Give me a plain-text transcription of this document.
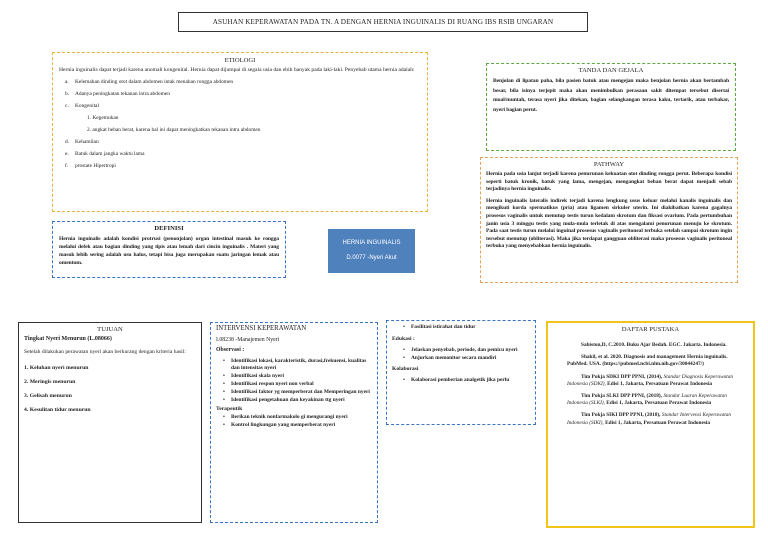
ASUHAN KEPERAWATAN PADA TN. A DENGAN HERNIA INGUINALIS DI RUANG IBS RSIB UNGARAN
ETIOLOGI
Hernia inguinalis dapat terjadi karena anomali kongenital. Hernia dapat dijumpai di segala usia dan ebih banyak pada laki-laki. Penyebab utama hernia adalah:
a.	Kelemahan dinding otot dalam abdomen intak menahan rongga abdomen
b.	Adanya peningkatan tekanan intra abdomen
c.	Kongenital
1. Kegemukan
2. angkat beban berat, karena hal ini dapat meningkatkan tekanan intra abdomen
d.	Kehamilan
e.	Batuk dalam jangka waktu lama
f.	prostate Hipertropi
DEFINISI
Hernia inguinalis adalah kondisi protrusi (penonjolan) organ intestinal masuk ke rongga melalui defek atau bagian dinding yang tipis atau lemah dari cincin inguinalis . Materi yang masuk lebih sering adalah usu halus, tetapi bisa juga merupakan suatu jaringan lemak atau omentum.
HERNIA INGUINALIS
D.0077 -Nyeri Akut
TANDA DAN GEJALA
Benjolan di lipatan paha, bila pasien batuk atau mengejan maka benjolan hernia akan bertambah besar, bila isinya terjepit maka akan menimbulkan perasaan sakit ditempat tersebut disertai mual/muntah, terasa nyeri jika ditekan, bagian selangkangan terasa kaku, tertarik, atau terbakar, nyeri bagian perut.
PATHWAY
Hernia pada usia lanjut terjadi karena penurunan kekuatan otot dinding rongga perut. Beberapa kondisi seperti batuk kronik, batuk yang lama, mengejan, mengangkat beban berat dapat menjadi sebab terjadinya hernia inguinalis.
Hernia inguinalis lateralis indirek terjadi karena lengkung usus keluar melalui kanalis inguinalis dan mengikuti korda spermatikus (pria) atau ligamen sirkuler uterin. Ini diakibatkan karena gagalnya prosesus vaginalis untuk menutup testis turun kedalam skrotum dan fiksasi ovarium. Pada pertumbuhan janin usia 3 minggu testis yang mula-mula terletak di atas mengalami penurunan menuju ke skrotum. Pada saat testis turun melalui inguinal prosesus vaginalis peritoneal terbuka setelah sampai skrotum ingin tersebut menutup (obliterasi). Maka jika terdapat gangguan obliterasi maka prosesus vaginalis peritoneal terbuka yang menyebabkan hernia inguinalis.
TUJUAN
Tingkat Nyeri Menurun (L.08066)
Setelah dilakukan perawatan nyeri akan berkurang dengan kriteria hasil:
1. Keluhan nyeri menurun
2. Meringis menurun
3. Gelisah menurun
4. Kesulitan tidur menurun
INTERVENSI KEPERAWATAN
I.08238 -Manajemen Nyeri
Observasi :
• Identifikasi lokasi, karakteristik, durasi,frekuensi, kualitas dan intensitas nyeri
• Identifikasi skala nyeri
• Identifikasi respon nyeri non verbal
• Identifikasi faktor yg memperberat dan Memperingan nyeri
• Identifikasi pengetahuan dan keyakinan ttg nyeri
Terapeutik
• Berikan teknik nonfarmakolo gi mengurangi nyeri
• Kontrol lingkungan yang memperberat nyeri
• Fasilitasi istirahat dan tidur
Edukasi :
• Jelaskan penyebab, periode, dan pemicu nyeri
• Anjurkan memonitor secara mandiri
Kolaborasi
• Kolaborasi pemberian analgetik jika perlu
DAFTAR PUSTAKA
Sabiston,D, C.2010. Buku Ajar Bedah. EGC. Jakarta. Indonesia.
Shakil, et al. 2020. Diagnosis and management Hernia inguinalis. PubMed. USA. (https://pubmed.ncbi.nlm.nih.gov/30044247/)
Tim Pokja SDKI DPP PPNI, (2014), Standar Diagnosis Keperawatan Indonesia (SDKI), Edisi 1, Jakarta, Persatuan Perawat Indonesia
Tim Pokja SLKI DPP PPNI, (2018), Standar Luaran Keperawatan Indonesia (SLKI), Edisi 1, Jakarta, Persatuan Perawat Indonesia
Tim Pokja SIKI DPP PPNI, (2018), Standar Intervensi Keperawatan Indonesia (SIKI), Edisi 1, Jakarta, Persatuan Perawat Indonesia
